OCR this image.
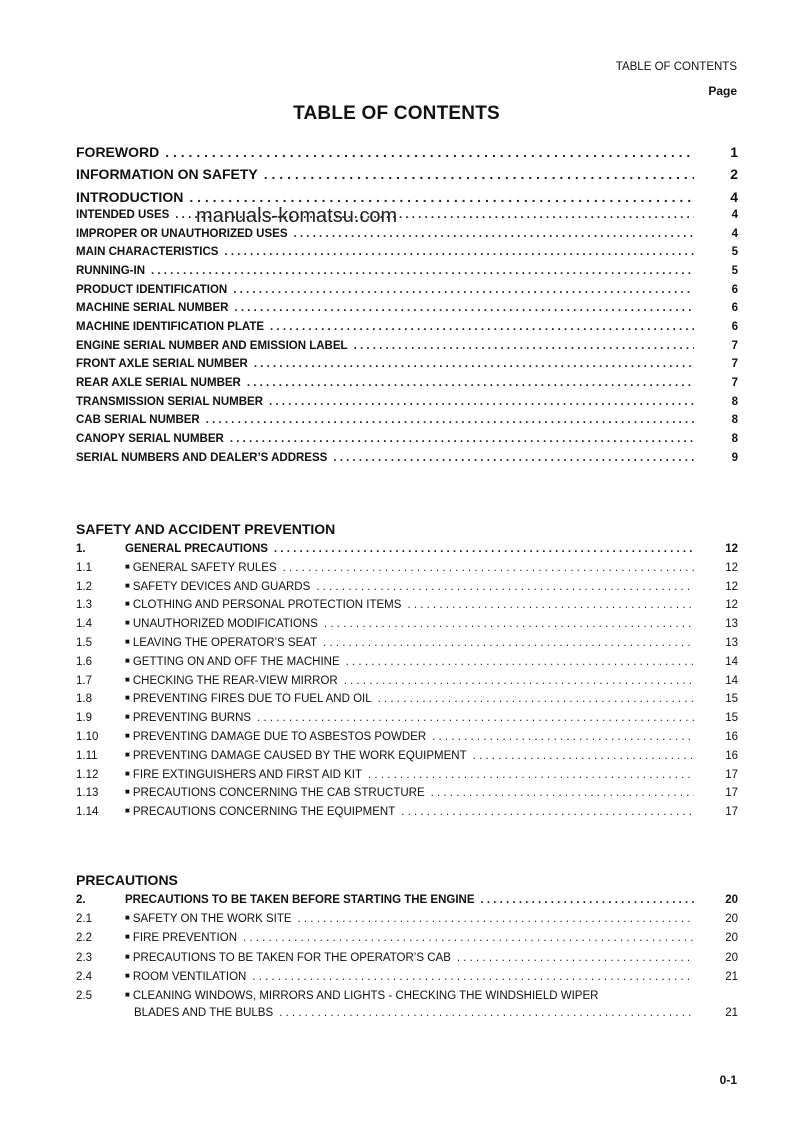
TABLE OF CONTENTS
Page
TABLE OF CONTENTS
FOREWORD . . .	1
INFORMATION ON SAFETY . . .	2
INTRODUCTION . . .	4
INTENDED USES . . .	4
IMPROPER OR UNAUTHORIZED USES . . .	4
MAIN CHARACTERISTICS . . .	5
RUNNING-IN . . .	5
PRODUCT IDENTIFICATION . . .	6
MACHINE SERIAL NUMBER . . .	6
MACHINE IDENTIFICATION PLATE . . .	6
ENGINE SERIAL NUMBER AND EMISSION LABEL . . .	7
FRONT AXLE SERIAL NUMBER . . .	7
REAR AXLE SERIAL NUMBER . . .	7
TRANSMISSION SERIAL NUMBER . . .	8
CAB SERIAL NUMBER . . .	8
CANOPY SERIAL NUMBER . . .	8
SERIAL NUMBERS AND DEALER’S ADDRESS . . .	9
manuals-komatsu.com
SAFETY AND ACCIDENT PREVENTION
1.	GENERAL PRECAUTIONS . . .	12
1.1	■ GENERAL SAFETY RULES . . .	12
1.2	■ SAFETY DEVICES AND GUARDS . . .	12
1.3	■ CLOTHING AND PERSONAL PROTECTION ITEMS . . .	12
1.4	■ UNAUTHORIZED MODIFICATIONS . . .	13
1.5	■ LEAVING THE OPERATOR’S SEAT . . .	13
1.6	■ GETTING ON AND OFF THE MACHINE . . .	14
1.7	■ CHECKING THE REAR-VIEW MIRROR . . .	14
1.8	■ PREVENTING FIRES DUE TO FUEL AND OIL . . .	15
1.9	■ PREVENTING BURNS . . .	15
1.10	■ PREVENTING DAMAGE DUE TO ASBESTOS POWDER . . .	16
1.11	■ PREVENTING DAMAGE CAUSED BY THE WORK EQUIPMENT . . .	16
1.12	■ FIRE EXTINGUISHERS AND FIRST AID KIT . . .	17
1.13	■ PRECAUTIONS CONCERNING THE CAB STRUCTURE . . .	17
1.14	■ PRECAUTIONS CONCERNING THE EQUIPMENT . . .	17
PRECAUTIONS
2.	PRECAUTIONS TO BE TAKEN BEFORE STARTING THE ENGINE . . .	20
2.1	■ SAFETY ON THE WORK SITE . . .	20
2.2	■ FIRE PREVENTION . . .	20
2.3	■ PRECAUTIONS TO BE TAKEN FOR THE OPERATOR’S CAB . . .	20
2.4	■ ROOM VENTILATION . . .	21
2.5	■ CLEANING WINDOWS, MIRRORS AND LIGHTS - CHECKING THE WINDSHIELD WIPER
BLADES AND THE BULBS . . .	21
0-1
